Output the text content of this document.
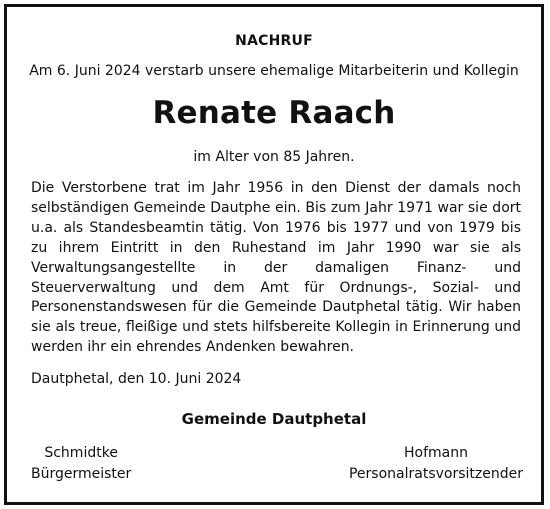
NACHRUF
Am 6. Juni 2024 verstarb unsere ehemalige Mitarbeiterin und Kollegin
Renate Raach
im Alter von 85 Jahren.
Die Verstorbene trat im Jahr 1956 in den Dienst der damals noch selbständigen Gemeinde Dautphe ein. Bis zum Jahr 1971 war sie dort u.a. als Standesbeamtin tätig. Von 1976 bis 1977 und von 1979 bis zu ihrem Eintritt in den Ruhestand im Jahr 1990 war sie als Verwaltungsangestellte in der damaligen Finanz- und Steuerverwaltung und dem Amt für Ordnungs-, Sozial- und Personenstandswesen für die Gemeinde Dautphetal tätig. Wir haben sie als treue, fleißige und stets hilfsbereite Kollegin in Erinnerung und werden ihr ein ehrendes Andenken bewahren.
Dautphetal, den 10. Juni 2024
Gemeinde Dautphetal
Schmidtke
Bürgermeister
Hofmann
Personalratsvorsitzender
